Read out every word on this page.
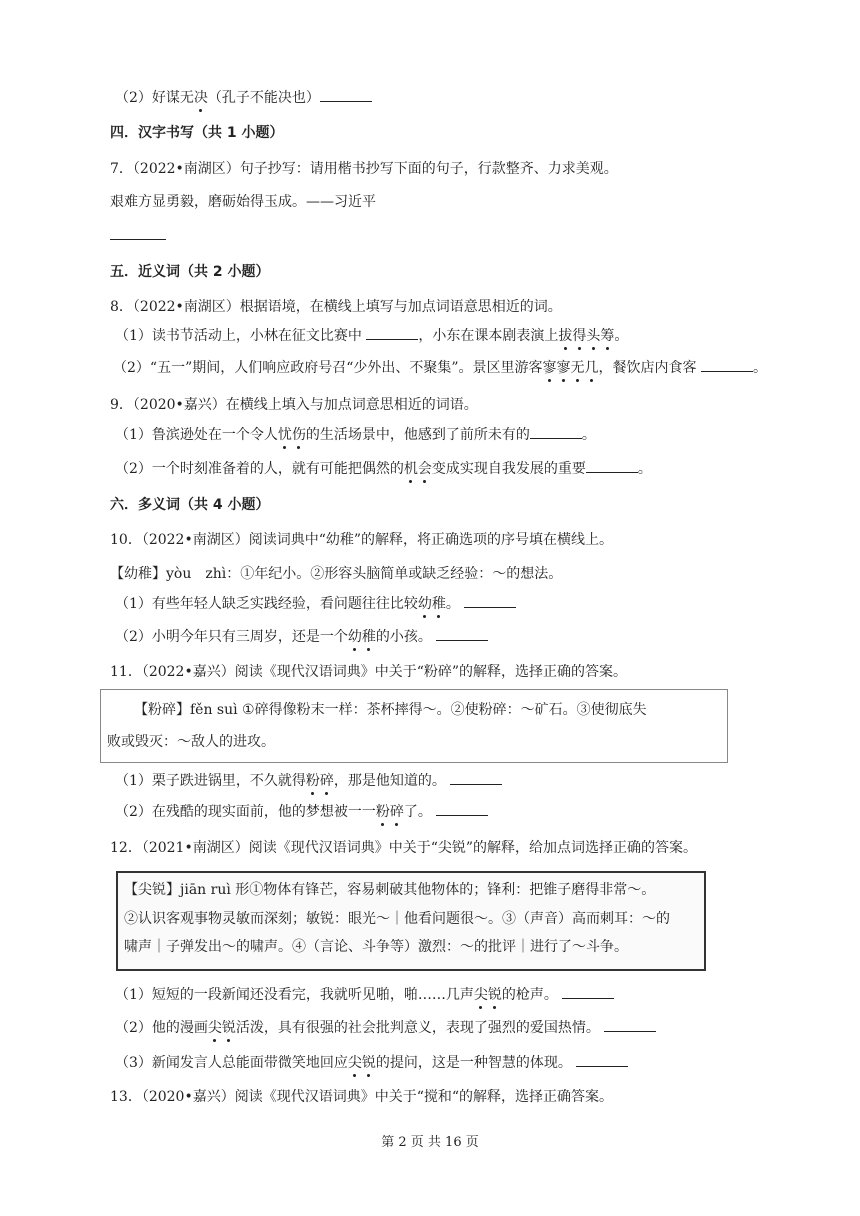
（2）好谋无决（孔子不能决也）
四．汉字书写（共 1 小题）
7．（2022•南湖区）句子抄写：请用楷书抄写下面的句子，行款整齐、力求美观。
艰难方显勇毅，磨砺始得玉成。——习近平
五．近义词（共 2 小题）
8．（2022•南湖区）根据语境，在横线上填写与加点词语意思相近的词。
（1）读书节活动上，小林在征文比赛中	，小东在课本剧表演上拔得头筹。
（2）“五一”期间，人们响应政府号召“少外出、不聚集”。景区里游客寥寥无几，餐饮店内食客	。
9．（2020•嘉兴）在横线上填入与加点词意思相近的词语。
（1）鲁滨逊处在一个令人忧伤的生活场景中，他感到了前所未有的	。
（2）一个时刻准备着的人，就有可能把偶然的机会变成实现自我发展的重要	。
六．多义词（共 4 小题）
10．（2022•南湖区）阅读词典中“幼稚”的解释，将正确选项的序号填在横线上。
【幼稚】yòu　zhì：①年纪小。②形容头脑简单或缺乏经验：～的想法。
（1）有些年轻人缺乏实践经验，看问题往往比较幼稚。
（2）小明今年只有三周岁，还是一个幼稚的小孩。
11．（2022•嘉兴）阅读《现代汉语词典》中关于“粉碎”的解释，选择正确的答案。
【粉碎】fěn suì ①碎得像粉末一样：茶杯摔得～。②使粉碎：～矿石。③使彻底失
败或毁灭：～敌人的进攻。
（1）栗子跌进锅里，不久就得粉碎，那是他知道的。
（2）在残酷的现实面前，他的梦想被一一粉碎了。
12．（2021•南湖区）阅读《现代汉语词典》中关于“尖锐”的解释，给加点词选择正确的答案。
【尖锐】jiān ruì 形①物体有锋芒，容易刺破其他物体的；锋利：把锥子磨得非常～。
②认识客观事物灵敏而深刻；敏锐：眼光～｜他看问题很～。③（声音）高而刺耳：～的
啸声｜子弹发出～的啸声。④（言论、斗争等）激烈：～的批评｜进行了～斗争。
（1）短短的一段新闻还没看完，我就听见啪，啪……几声尖锐的枪声。
（2）他的漫画尖锐活泼，具有很强的社会批判意义，表现了强烈的爱国热情。
（3）新闻发言人总能面带微笑地回应尖锐的提问，这是一种智慧的体现。
13．（2020•嘉兴）阅读《现代汉语词典》中关于“搅和“的解释，选择正确答案。
第 2 页 共 16 页
